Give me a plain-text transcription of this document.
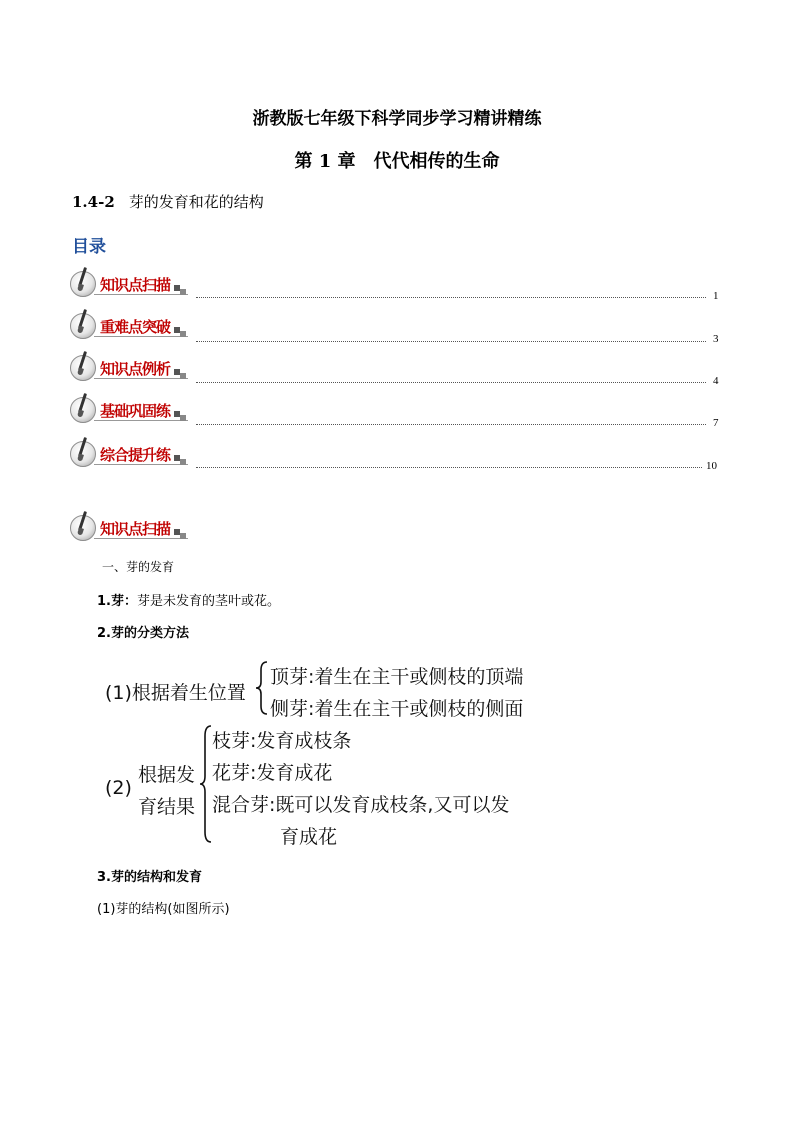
浙教版七年级下科学同步学习精讲精练
第 1 章　代代相传的生命
1.4-2 芽的发育和花的结构
目录
知识点扫描
1
重难点突破
3
知识点例析
4
基础巩固练
7
综合提升练
10
知识点扫描
一、芽的发育
1.芽：芽是未发育的茎叶或花。
2.芽的分类方法
(1)根据着生位置
顶芽:着生在主干或侧枝的顶端
侧芽:着生在主干或侧枝的侧面
(2)
根据发
育结果
枝芽:发育成枝条
花芽:发育成花
混合芽:既可以发育成枝条,又可以发
育成花
3.芽的结构和发育
(1)芽的结构(如图所示)
